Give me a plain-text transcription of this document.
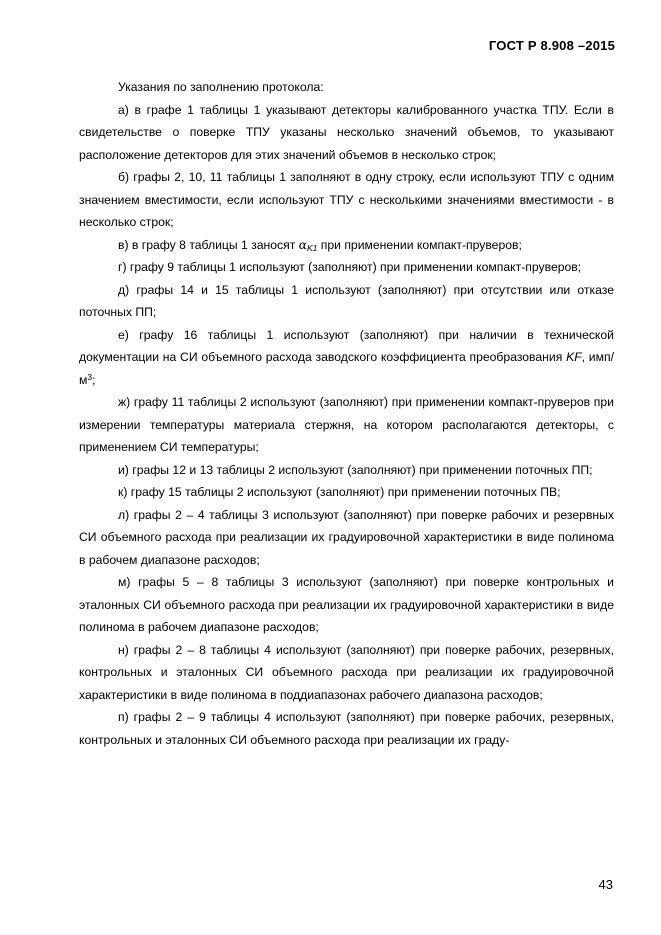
ГОСТ Р 8.908 –2015

Указания по заполнению протокола:

а) в графе 1 таблицы 1 указывают детекторы калиброванного участка ТПУ. Если в свидетельстве о поверке ТПУ указаны несколько значений объемов, то указывают расположение детекторов для этих значений объемов в несколько строк;

б) графы 2, 10, 11 таблицы 1 заполняют в одну строку, если используют ТПУ с одним значением вместимости, если используют ТПУ с несколькими значениями вместимости - в несколько строк;

в) в графу 8 таблицы 1 заносят $\alpha_{K1}$ при применении компакт-пруверов;

г) графу 9 таблицы 1 используют (заполняют) при применении компакт-пруверов;

д) графы 14 и 15 таблицы 1 используют (заполняют) при отсутствии или отказе поточных ПП;

е) графу 16 таблицы 1 используют (заполняют) при наличии в технической документации на СИ объемного расхода заводского коэффициента преобразования KF, имп/$м^3$;

ж) графу 11 таблицы 2 используют (заполняют) при применении компакт-пруверов при измерении температуры материала стержня, на котором располагаются детекторы, с применением СИ температуры;

и) графы 12 и 13 таблицы 2 используют (заполняют) при применении поточных ПП;

к) графу 15 таблицы 2 используют (заполняют) при применении поточных ПВ;

л) графы 2 – 4 таблицы 3 используют (заполняют) при поверке рабочих и резервных СИ объемного расхода при реализации их градуировочной характеристики в виде полинома в рабочем диапазоне расходов;

м) графы 5 – 8 таблицы 3 используют (заполняют) при поверке контрольных и эталонных СИ объемного расхода при реализации их градуировочной характеристики в виде полинома в рабочем диапазоне расходов;

н) графы 2 – 8 таблицы 4 используют (заполняют) при поверке рабочих, резервных, контрольных и эталонных СИ объемного расхода при реализации их градуировочной характеристики в виде полинома в поддиапазонах рабочего диапазона расходов;

п) графы 2 – 9 таблицы 4 используют (заполняют) при поверке рабочих, резервных, контрольных и эталонных СИ объемного расхода при реализации их граду-

43
